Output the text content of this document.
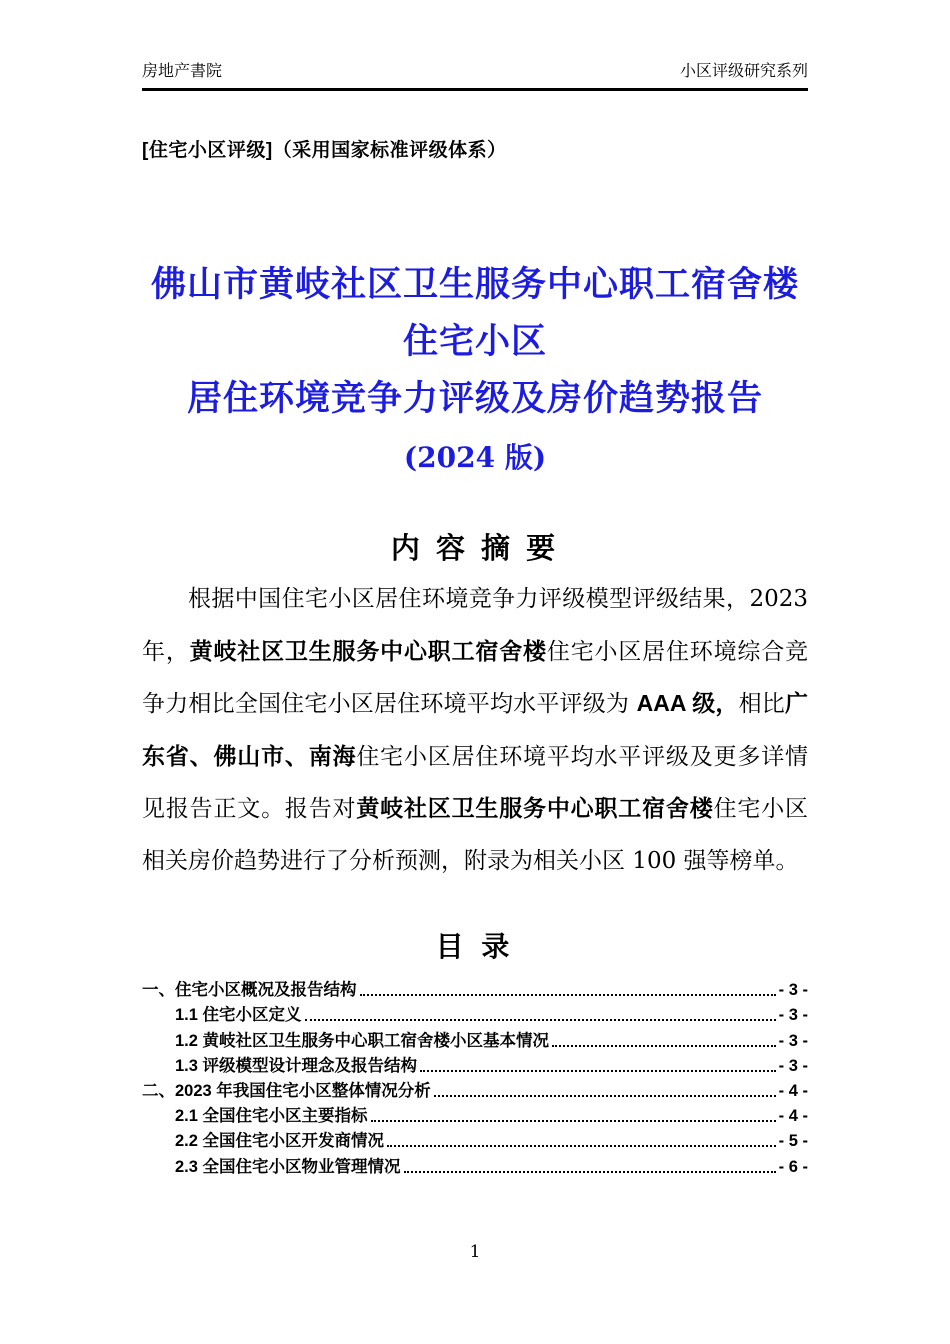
房地产書院	小区评级研究系列
[住宅小区评级]（采用国家标准评级体系）
佛山市黄岐社区卫生服务中心职工宿舍楼
住宅小区
居住环境竞争力评级及房价趋势报告
(2024 版)
内 容 摘 要

根据中国住宅小区居住环境竞争力评级模型评级结果，2023 年，黄岐社区卫生服务中心职工宿舍楼住宅小区居住环境综合竞争力相比全国住宅小区居住环境平均水平评级为 AAA 级，相比广东省、佛山市、南海住宅小区居住环境平均水平评级及更多详情见报告正文。报告对黄岐社区卫生服务中心职工宿舍楼住宅小区相关房价趋势进行了分析预测，附录为相关小区 100 强等榜单。

目 录
一、住宅小区概况及报告结构	- 3 -
1.1 住宅小区定义	- 3 -
1.2 黄岐社区卫生服务中心职工宿舍楼小区基本情况	- 3 -
1.3 评级模型设计理念及报告结构	- 3 -
二、2023 年我国住宅小区整体情况分析	- 4 -
2.1 全国住宅小区主要指标	- 4 -
2.2 全国住宅小区开发商情况	- 5 -
2.3 全国住宅小区物业管理情况	- 6 -
1
